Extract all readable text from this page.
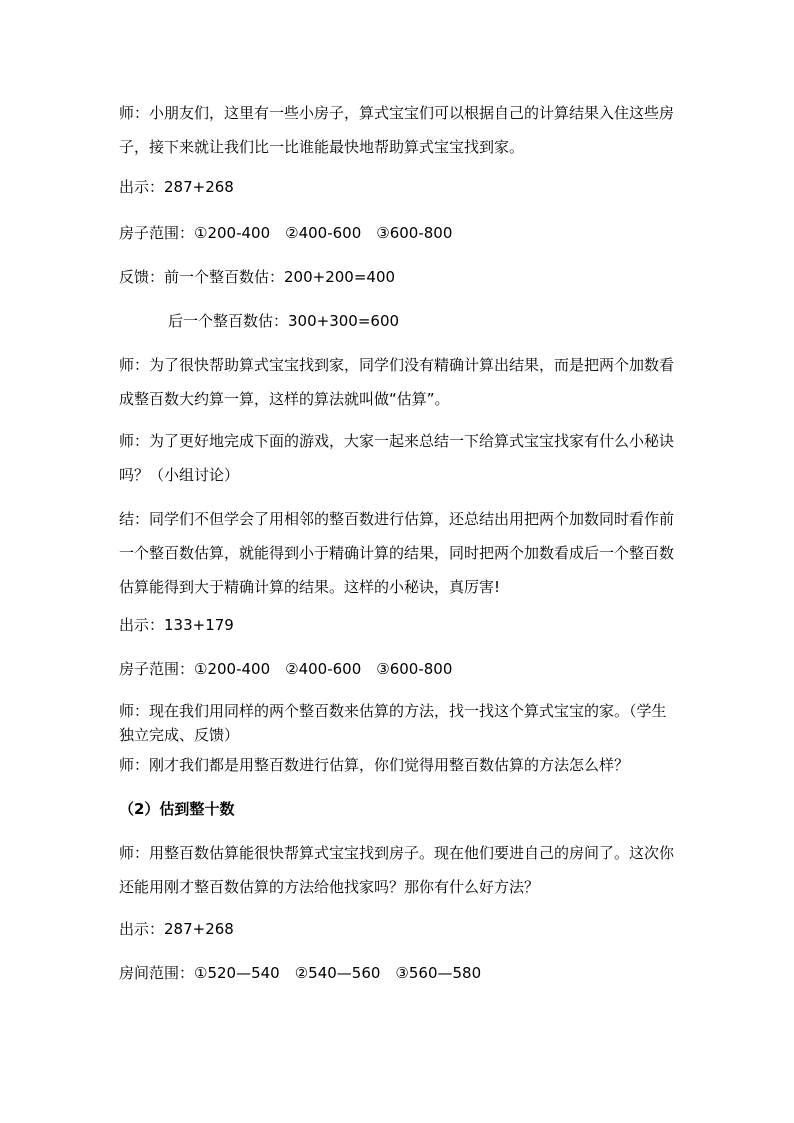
师：小朋友们，这里有一些小房子，算式宝宝们可以根据自己的计算结果入住这些房子，接下来就让我们比一比谁能最快地帮助算式宝宝找到家。

出示：287+268

房子范围：①200-400　②400-600　③600-800

反馈：前一个整百数估：200+200=400

后一个整百数估：300+300=600

师：为了很快帮助算式宝宝找到家，同学们没有精确计算出结果，而是把两个加数看成整百数大约算一算，这样的算法就叫做“估算”。

师：为了更好地完成下面的游戏，大家一起来总结一下给算式宝宝找家有什么小秘诀吗？（小组讨论）

结：同学们不但学会了用相邻的整百数进行估算，还总结出用把两个加数同时看作前一个整百数估算，就能得到小于精确计算的结果，同时把两个加数看成后一个整百数估算能得到大于精确计算的结果。这样的小秘诀，真厉害!

出示：133+179

房子范围：①200-400　②400-600　③600-800

师：现在我们用同样的两个整百数来估算的方法，找一找这个算式宝宝的家。（学生独立完成、反馈）

师：刚才我们都是用整百数进行估算，你们觉得用整百数估算的方法怎么样？

（2）估到整十数

师：用整百数估算能很快帮算式宝宝找到房子。现在他们要进自己的房间了。这次你还能用刚才整百数估算的方法给他找家吗？那你有什么好方法？

出示：287+268

房间范围：①520—540　②540—560　③560—580
